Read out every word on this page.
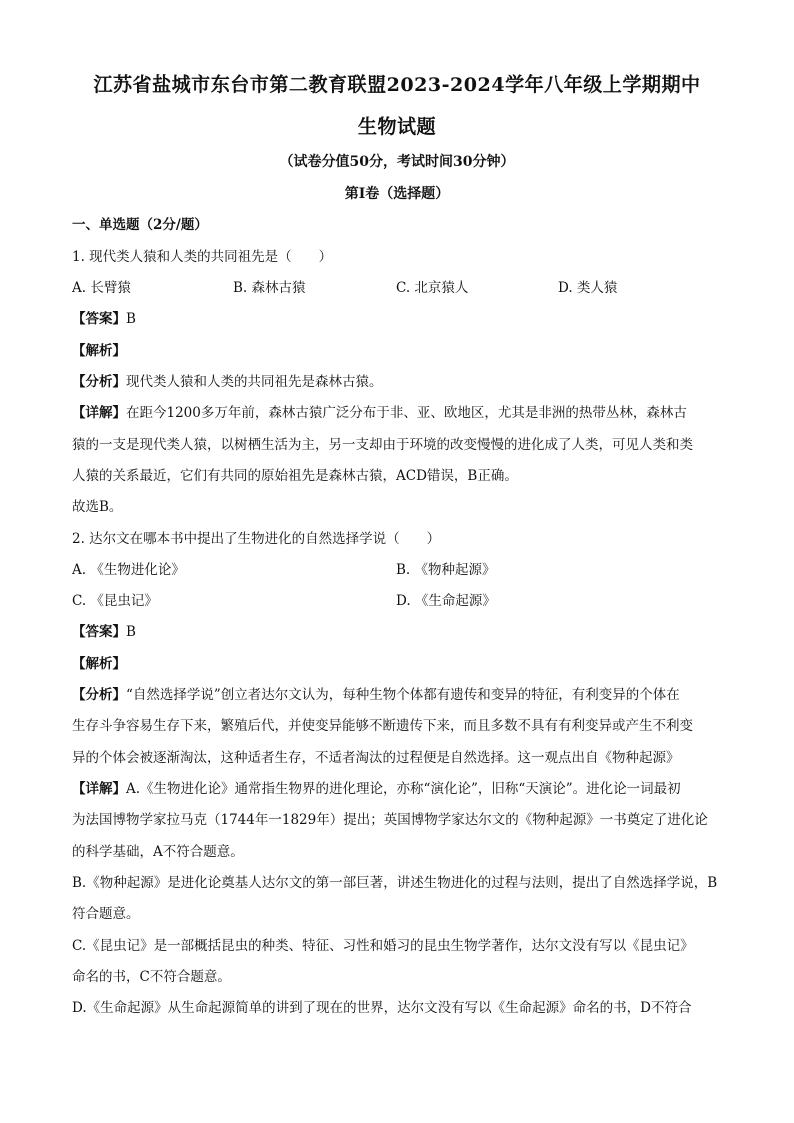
江苏省盐城市东台市第二教育联盟2023-2024学年八年级上学期期中
生物试题
（试卷分值50分，考试时间30分钟）
第I卷（选择题）
一、单选题（2分/题）
1. 现代类人猿和人类的共同祖先是（　　）
A. 长臂猿	B. 森林古猿	C. 北京猿人	D. 类人猿
【答案】B
【解析】
【分析】现代类人猿和人类的共同祖先是森林古猿。
【详解】在距今1200多万年前，森林古猿广泛分布于非、亚、欧地区，尤其是非洲的热带丛林，森林古
猿的一支是现代类人猿，以树栖生活为主，另一支却由于环境的改变慢慢的进化成了人类，可见人类和类
人猿的关系最近，它们有共同的原始祖先是森林古猿，ACD错误，B正确。
故选B。
2. 达尔文在哪本书中提出了生物进化的自然选择学说（　　）
A. 《生物进化论》	B. 《物种起源》
C. 《昆虫记》	D. 《生命起源》
【答案】B
【解析】
【分析】“自然选择学说”创立者达尔文认为，每种生物个体都有遗传和变异的特征，有利变异的个体在
生存斗争容易生存下来，繁殖后代，并使变异能够不断遗传下来，而且多数不具有有利变异或产生不利变
异的个体会被逐渐淘汰，这种适者生存，不适者淘汰的过程便是自然选择。这一观点出自《物种起源》
【详解】A.《生物进化论》通常指生物界的进化理论，亦称“演化论”，旧称“天演论”。进化论一词最初
为法国博物学家拉马克（1744年一1829年）提出；英国博物学家达尔文的《物种起源》一书奠定了进化论
的科学基础，A不符合题意。
B.《物种起源》是进化论奠基人达尔文的第一部巨著，讲述生物进化的过程与法则，提出了自然选择学说，B
符合题意。
C.《昆虫记》是一部概括昆虫的种类、特征、习性和婚习的昆虫生物学著作，达尔文没有写以《昆虫记》
命名的书，C不符合题意。
D.《生命起源》从生命起源简单的讲到了现在的世界，达尔文没有写以《生命起源》命名的书，D不符合
